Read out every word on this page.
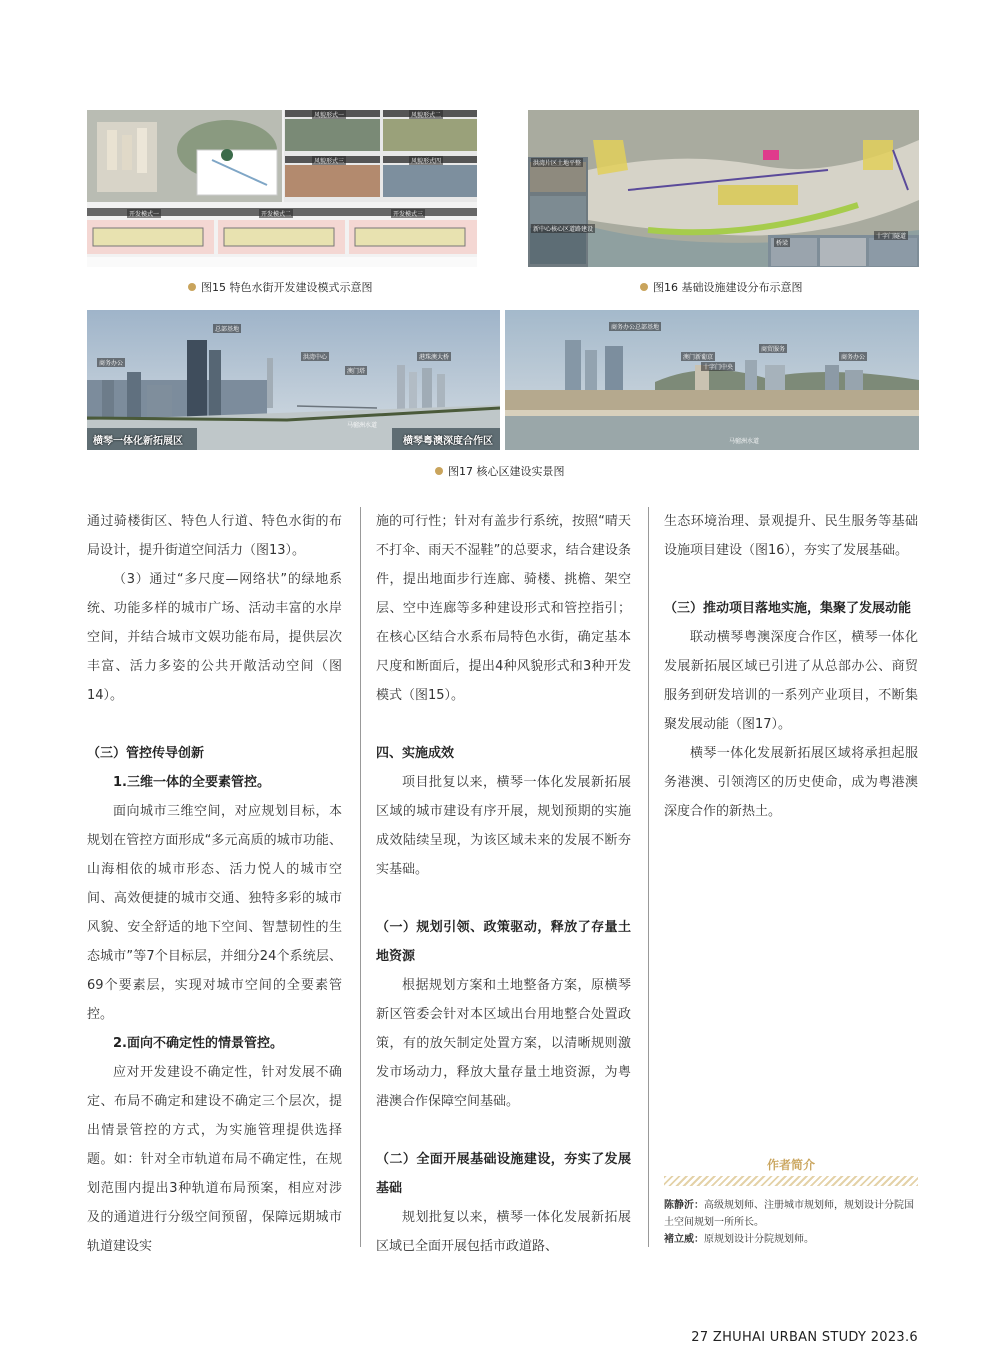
风貌形式一	风貌形式二
风貌形式三	风貌形式四
开发模式一	开发模式二	开发模式三
图15 特色水街开发建设模式示意图
洪湾片区土地平整
新中心核心区道路建设
桥梁
十字门隧道
图16 基础设施建设分布示意图
总部基地
商务办公
洪湾中心
澳门塔
港珠澳大桥
横琴一体化新拓展区	横琴粤澳深度合作区
马骝洲水道
商务办公总部基地
澳门新葡京
商贸服务
商务办公
十字门中央
马骝洲水道
图17 核心区建设实景图

通过骑楼街区、特色人行道、特色水街的布局设计，提升街道空间活力（图13）。

（3）通过“多尺度—网络状”的绿地系统、功能多样的城市广场、活动丰富的水岸空间，并结合城市文娱功能布局，提供层次丰富、活力多姿的公共开敞活动空间（图14）。

（三）管控传导创新

1.三维一体的全要素管控。

面向城市三维空间，对应规划目标，本规划在管控方面形成“多元高质的城市功能、山海相依的城市形态、活力悦人的城市空间、高效便捷的城市交通、独特多彩的城市风貌、安全舒适的地下空间、智慧韧性的生态城市”等7个目标层，并细分24个系统层、69个要素层，实现对城市空间的全要素管控。

2.面向不确定性的情景管控。

应对开发建设不确定性，针对发展不确定、布局不确定和建设不确定三个层次，提出情景管控的方式，为实施管理提供选择题。如：针对全市轨道布局不确定性，在规划范围内提出3种轨道布局预案，相应对涉及的通道进行分级空间预留，保障远期城市轨道建设实

施的可行性；针对有盖步行系统，按照“晴天不打伞、雨天不湿鞋”的总要求，结合建设条件，提出地面步行连廊、骑楼、挑檐、架空层、空中连廊等多种建设形式和管控指引；在核心区结合水系布局特色水街，确定基本尺度和断面后，提出4种风貌形式和3种开发模式（图15）。

四、实施成效

项目批复以来，横琴一体化发展新拓展区域的城市建设有序开展，规划预期的实施成效陆续呈现，为该区域未来的发展不断夯实基础。

（一）规划引领、政策驱动，释放了存量土地资源

根据规划方案和土地整备方案，原横琴新区管委会针对本区域出台用地整合处置政策，有的放矢制定处置方案，以清晰规则激发市场动力，释放大量存量土地资源，为粤港澳合作保障空间基础。

（二）全面开展基础设施建设，夯实了发展基础

规划批复以来，横琴一体化发展新拓展区域已全面开展包括市政道路、

生态环境治理、景观提升、民生服务等基础设施项目建设（图16），夯实了发展基础。

（三）推动项目落地实施，集聚了发展动能

联动横琴粤澳深度合作区，横琴一体化发展新拓展区域已引进了从总部办公、商贸服务到研发培训的一系列产业项目，不断集聚发展动能（图17）。

横琴一体化发展新拓展区域将承担起服务港澳、引领湾区的历史使命，成为粤港澳深度合作的新热土。

作者简介
陈静沂：高级规划师、注册城市规划师，规划设计分院国土空间规划一所所长。
褚立威：原规划设计分院规划师。
27 ZHUHAI URBAN STUDY 2023.6
